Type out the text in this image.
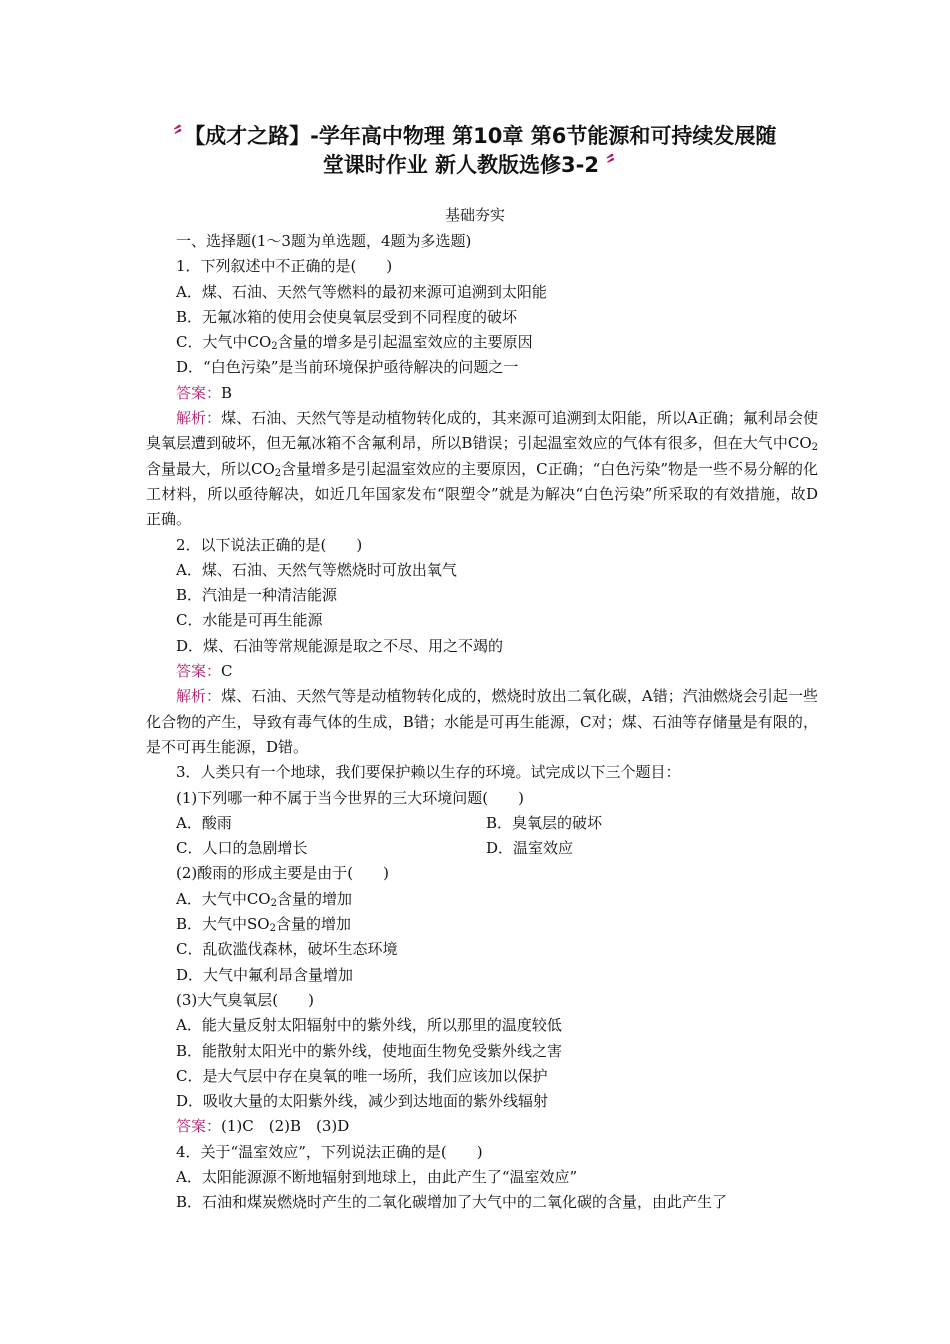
〞【成才之路】-学年高中物理 第10章 第6节能源和可持续发展随
堂课时作业 新人教版选修3-2 〞
基础夯实
一、选择题(1～3题为单选题，4题为多选题)
1．下列叙述中不正确的是(　　)
A．煤、石油、天然气等燃料的最初来源可追溯到太阳能
B．无氟冰箱的使用会使臭氧层受到不同程度的破坏
C．大气中$CO_2$含量的增多是引起温室效应的主要原因
D．“白色污染”是当前环境保护亟待解决的问题之一
答案：B
解析：煤、石油、天然气等是动植物转化成的，其来源可追溯到太阳能，所以A正确；氟利昂会使臭氧层遭到破坏，但无氟冰箱不含氟利昂，所以B错误；引起温室效应的气体有很多，但在大气中$CO_2$含量最大，所以$CO_2$含量增多是引起温室效应的主要原因，C正确；“白色污染”物是一些不易分解的化工材料，所以亟待解决，如近几年国家发布“限塑令”就是为解决“白色污染”所采取的有效措施，故D正确。
2．以下说法正确的是(　　)
A．煤、石油、天然气等燃烧时可放出氧气
B．汽油是一种清洁能源
C．水能是可再生能源
D．煤、石油等常规能源是取之不尽、用之不竭的
答案：C
解析：煤、石油、天然气等是动植物转化成的，燃烧时放出二氧化碳，A错；汽油燃烧会引起一些化合物的产生，导致有毒气体的生成，B错；水能是可再生能源，C对；煤、石油等存储量是有限的，是不可再生能源，D错。
3．人类只有一个地球，我们要保护赖以生存的环境。试完成以下三个题目：
(1)下列哪一种不属于当今世界的三大环境问题(　　)
A．酸雨	B．臭氧层的破坏
C．人口的急剧增长	D．温室效应
(2)酸雨的形成主要是由于(　　)
A．大气中$CO_2$含量的增加
B．大气中$SO_2$含量的增加
C．乱砍滥伐森林，破坏生态环境
D．大气中氟利昂含量增加
(3)大气臭氧层(　　)
A．能大量反射太阳辐射中的紫外线，所以那里的温度较低
B．能散射太阳光中的紫外线，使地面生物免受紫外线之害
C．是大气层中存在臭氧的唯一场所，我们应该加以保护
D．吸收大量的太阳紫外线，减少到达地面的紫外线辐射
答案：(1)C　(2)B　(3)D
4．关于“温室效应”，下列说法正确的是(　　)
A．太阳能源源不断地辐射到地球上，由此产生了“温室效应”
B．石油和煤炭燃烧时产生的二氧化碳增加了大气中的二氧化碳的含量，由此产生了
